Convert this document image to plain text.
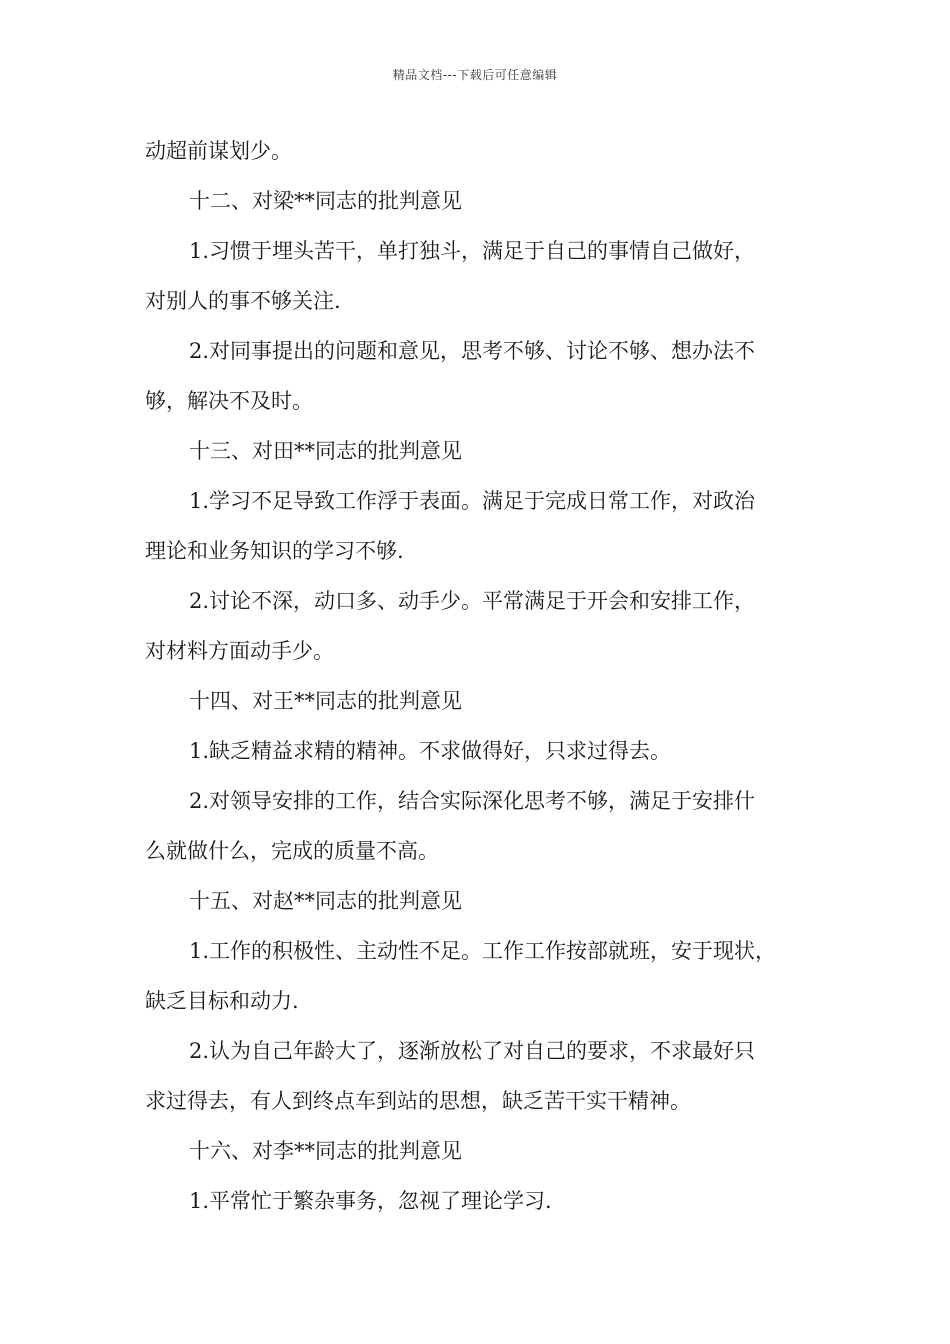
精品文档---下载后可任意编辑
动超前谋划少。
十二、对梁**同志的批判意见
1.习惯于埋头苦干，单打独斗，满足于自己的事情自己做好，
对别人的事不够关注.
2.对同事提出的问题和意见，思考不够、讨论不够、想办法不
够，解决不及时。
十三、对田**同志的批判意见
1.学习不足导致工作浮于表面。满足于完成日常工作，对政治
理论和业务知识的学习不够.
2.讨论不深，动口多、动手少。平常满足于开会和安排工作，
对材料方面动手少。
十四、对王**同志的批判意见
1.缺乏精益求精的精神。不求做得好，只求过得去。
2.对领导安排的工作，结合实际深化思考不够，满足于安排什
么就做什么，完成的质量不高。
十五、对赵**同志的批判意见
1.工作的积极性、主动性不足。工作工作按部就班，安于现状，
缺乏目标和动力.
2.认为自己年龄大了，逐渐放松了对自己的要求，不求最好只
求过得去，有人到终点车到站的思想，缺乏苦干实干精神。
十六、对李**同志的批判意见
1.平常忙于繁杂事务，忽视了理论学习.
